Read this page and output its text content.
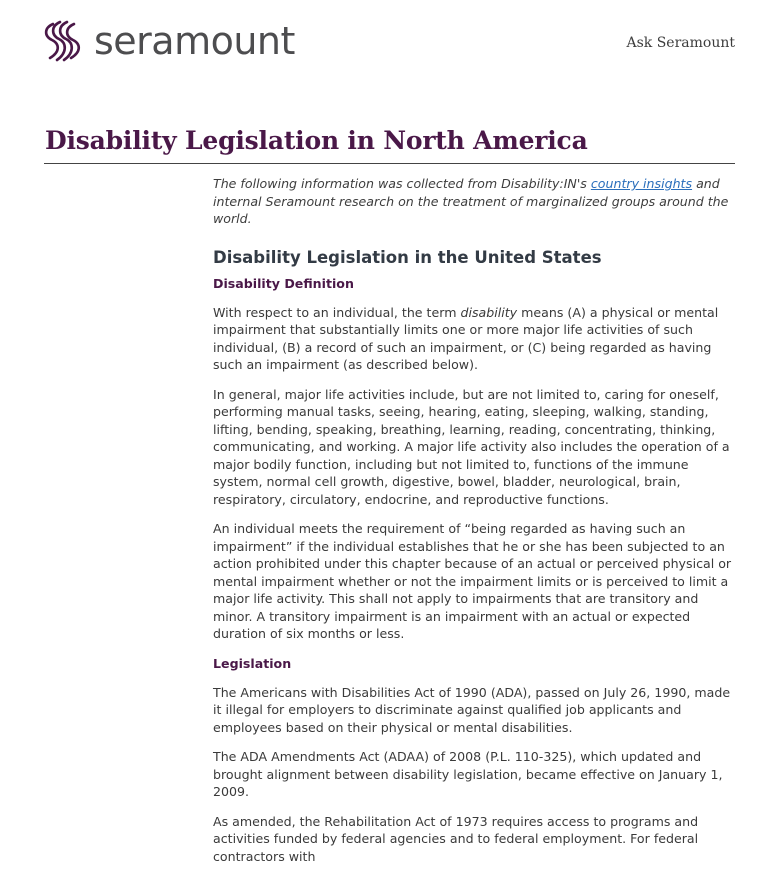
seramount	Ask Seramount
Disability Legislation in North America

The following information was collected from Disability:IN's country insights and internal Seramount research on the treatment of marginalized groups around the world.

Disability Legislation in the United States
Disability Definition

With respect to an individual, the term disability means (A) a physical or mental impairment that substantially limits one or more major life activities of such individual, (B) a record of such an impairment, or (C) being regarded as having such an impairment (as described below).

In general, major life activities include, but are not limited to, caring for oneself, performing manual tasks, seeing, hearing, eating, sleeping, walking, standing, lifting, bending, speaking, breathing, learning, reading, concentrating, thinking, communicating, and working. A major life activity also includes the operation of a major bodily function, including but not limited to, functions of the immune system, normal cell growth, digestive, bowel, bladder, neurological, brain, respiratory, circulatory, endocrine, and reproductive functions.

An individual meets the requirement of “being regarded as having such an impairment” if the individual establishes that he or she has been subjected to an action prohibited under this chapter because of an actual or perceived physical or mental impairment whether or not the impairment limits or is perceived to limit a major life activity. This shall not apply to impairments that are transitory and minor. A transitory impairment is an impairment with an actual or expected duration of six months or less.

Legislation

The Americans with Disabilities Act of 1990 (ADA), passed on July 26, 1990, made it illegal for employers to discriminate against qualified job applicants and employees based on their physical or mental disabilities.

The ADA Amendments Act (ADAA) of 2008 (P.L. 110-325), which updated and brought alignment between disability legislation, became effective on January 1, 2009.

As amended, the Rehabilitation Act of 1973 requires access to programs and activities funded by federal agencies and to federal employment. For federal contractors with
